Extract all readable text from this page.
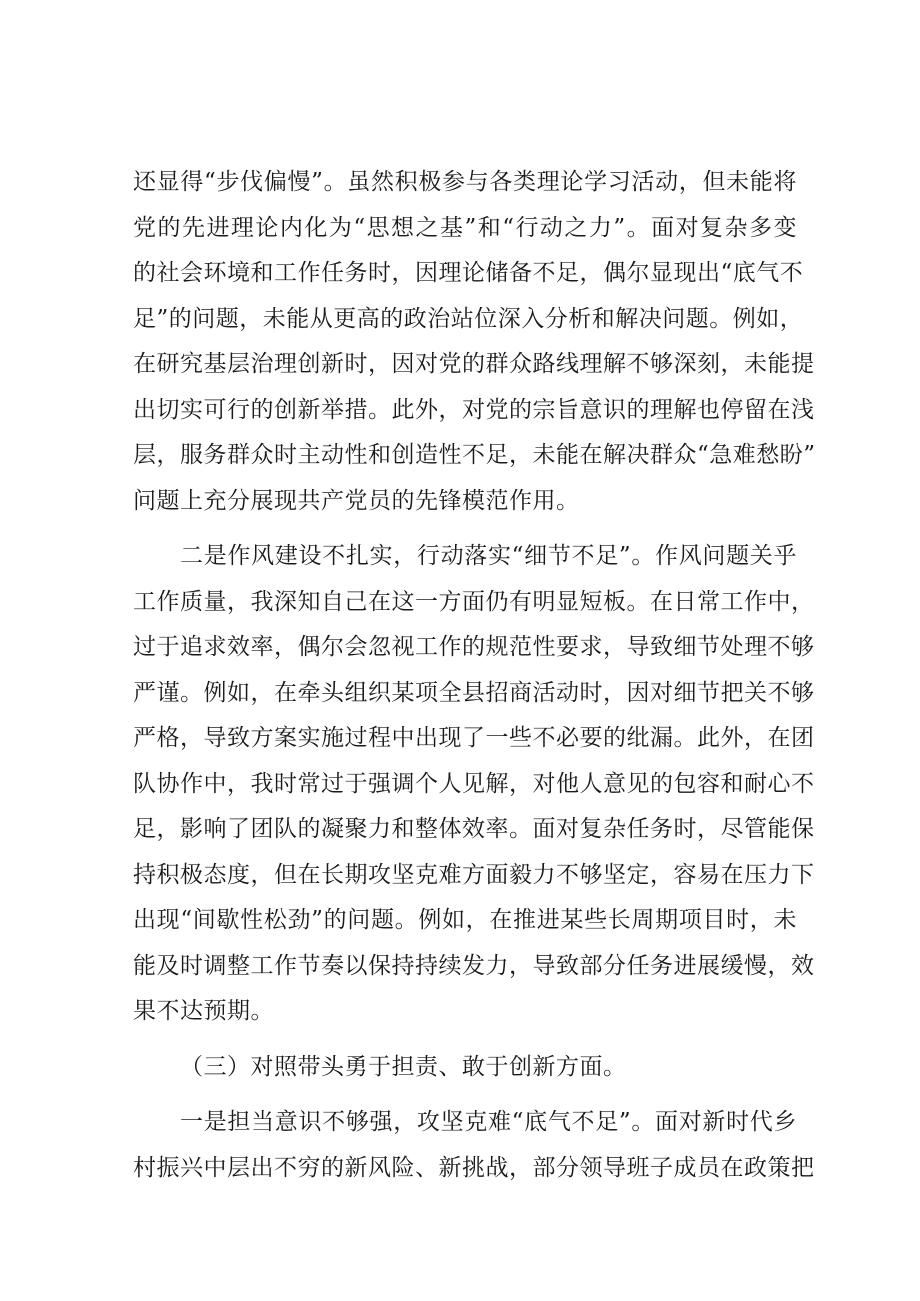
还显得“步伐偏慢”。虽然积极参与各类理论学习活动，但未能将
党的先进理论内化为“思想之基”和“行动之力”。面对复杂多变
的社会环境和工作任务时，因理论储备不足，偶尔显现出“底气不
足”的问题，未能从更高的政治站位深入分析和解决问题。例如，
在研究基层治理创新时，因对党的群众路线理解不够深刻，未能提
出切实可行的创新举措。此外，对党的宗旨意识的理解也停留在浅
层，服务群众时主动性和创造性不足，未能在解决群众“急难愁盼”
问题上充分展现共产党员的先锋模范作用。
二是作风建设不扎实，行动落实“细节不足”。作风问题关乎
工作质量，我深知自己在这一方面仍有明显短板。在日常工作中，
过于追求效率，偶尔会忽视工作的规范性要求，导致细节处理不够
严谨。例如，在牵头组织某项全县招商活动时，因对细节把关不够
严格，导致方案实施过程中出现了一些不必要的纰漏。此外，在团
队协作中，我时常过于强调个人见解，对他人意见的包容和耐心不
足，影响了团队的凝聚力和整体效率。面对复杂任务时，尽管能保
持积极态度，但在长期攻坚克难方面毅力不够坚定，容易在压力下
出现“间歇性松劲”的问题。例如，在推进某些长周期项目时，未
能及时调整工作节奏以保持持续发力，导致部分任务进展缓慢，效
果不达预期。
（三）对照带头勇于担责、敢于创新方面。
一是担当意识不够强，攻坚克难“底气不足”。面对新时代乡
村振兴中层出不穷的新风险、新挑战，部分领导班子成员在政策把
